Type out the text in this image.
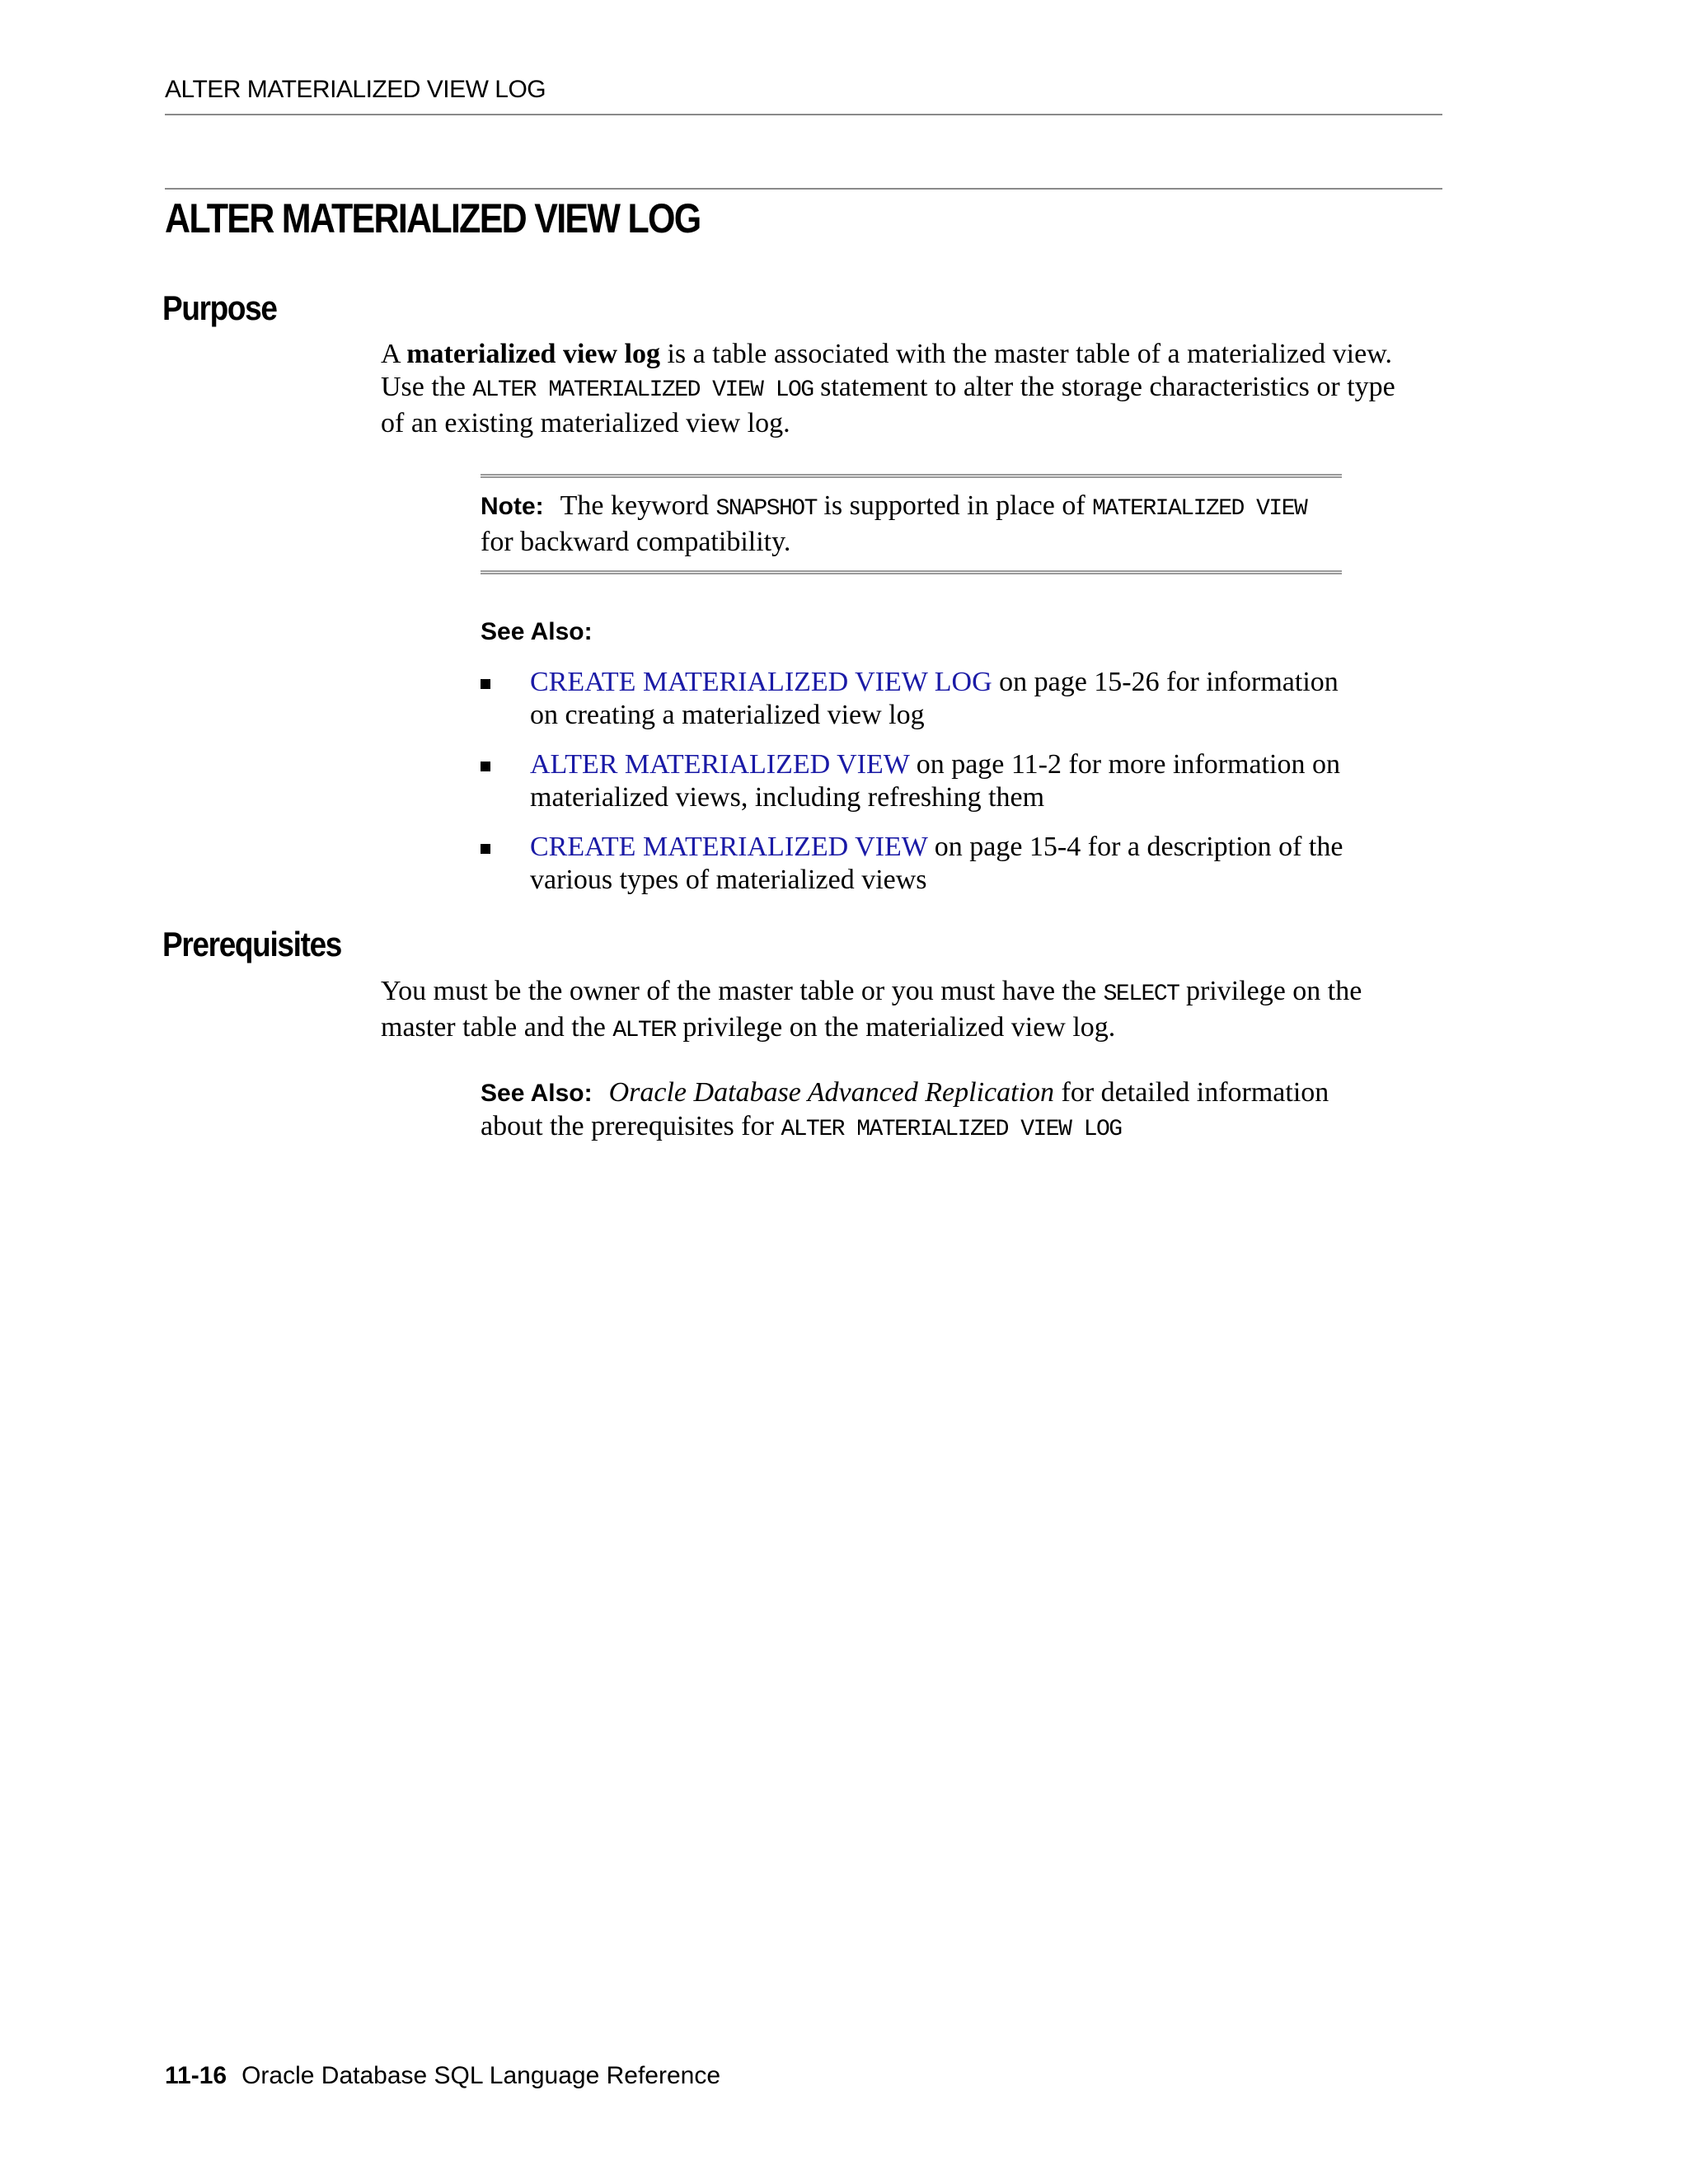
ALTER MATERIALIZED VIEW LOG
ALTER MATERIALIZED VIEW LOG
Purpose

A materialized view log is a table associated with the master table of a materialized view. Use the ALTER MATERIALIZED VIEW LOG statement to alter the storage characteristics or type of an existing materialized view log.

Note: The keyword SNAPSHOT is supported in place of MATERIALIZED VIEW for backward compatibility.

See Also:

CREATE MATERIALIZED VIEW LOG on page 15-26 for information on creating a materialized view log
ALTER MATERIALIZED VIEW on page 11-2 for more information on materialized views, including refreshing them
CREATE MATERIALIZED VIEW on page 15-4 for a description of the various types of materialized views
Prerequisites

You must be the owner of the master table or you must have the SELECT privilege on the master table and the ALTER privilege on the materialized view log.

See Also: Oracle Database Advanced Replication for detailed information about the prerequisites for ALTER MATERIALIZED VIEW LOG

11-16 Oracle Database SQL Language Reference
